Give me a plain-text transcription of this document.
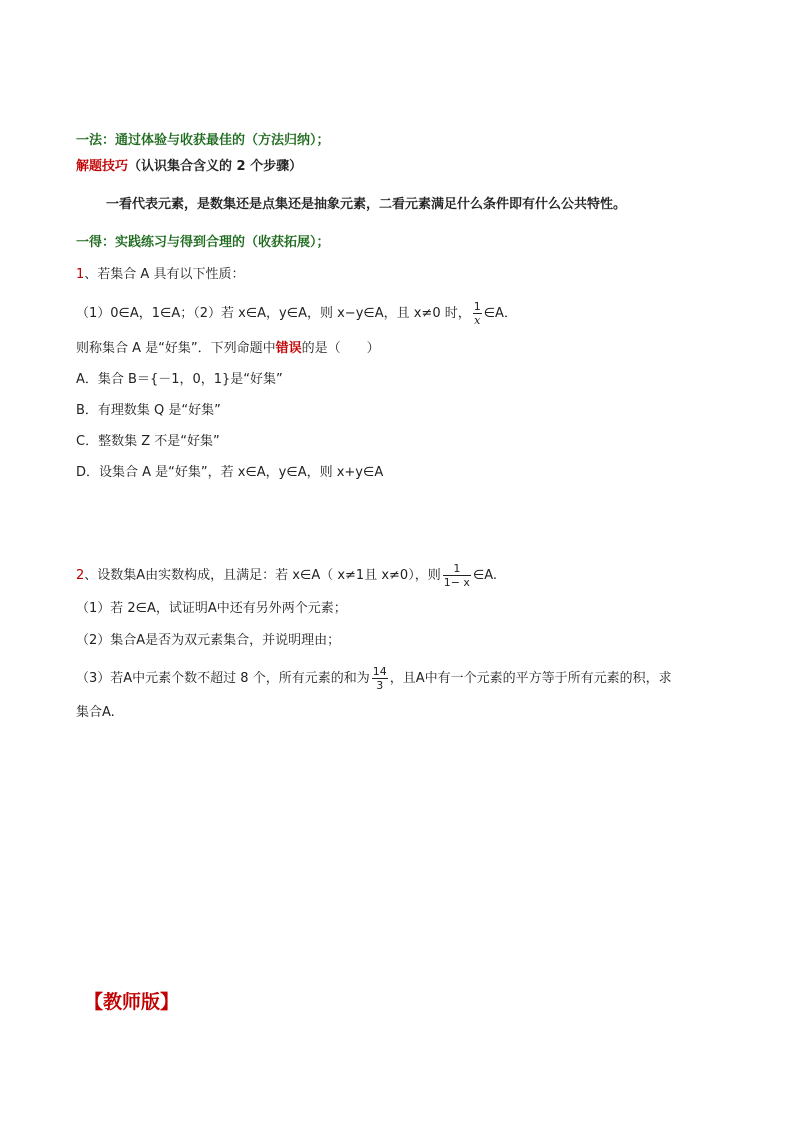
一法：通过体验与收获最佳的（方法归纳）；
解题技巧（认识集合含义的 2 个步骤）
一看代表元素，是数集还是点集还是抽象元素，二看元素满足什么条件即有什么公共特性。
一得：实践练习与得到合理的（收获拓展）；
1、若集合 A 具有以下性质：
（1）0∈A，1∈A；（2）若 x∈A，y∈A，则 x−y∈A，且 x≠0 时， $\frac{1}{x}$ ∈A．
则称集合 A 是“好集”．下列命题中错误的是（　　）
A．集合 B＝{－1，0，1}是“好集”
B．有理数集 Q 是“好集”
C．整数集 Z 不是“好集”
D．设集合 A 是“好集”，若 x∈A，y∈A，则 x+y∈A
2、设数集A由实数构成，且满足：若 x∈A（ x≠1且 x≠0），则 $\frac{1}{1- x}$ ∈A.
（1）若 2∈A，试证明A中还有另外两个元素；
（2）集合A是否为双元素集合，并说明理由；
（3）若A中元素个数不超过 8 个，所有元素的和为 $\frac{14}{3}$ ，且A中有一个元素的平方等于所有元素的积，求
集合A.
【教师版】
